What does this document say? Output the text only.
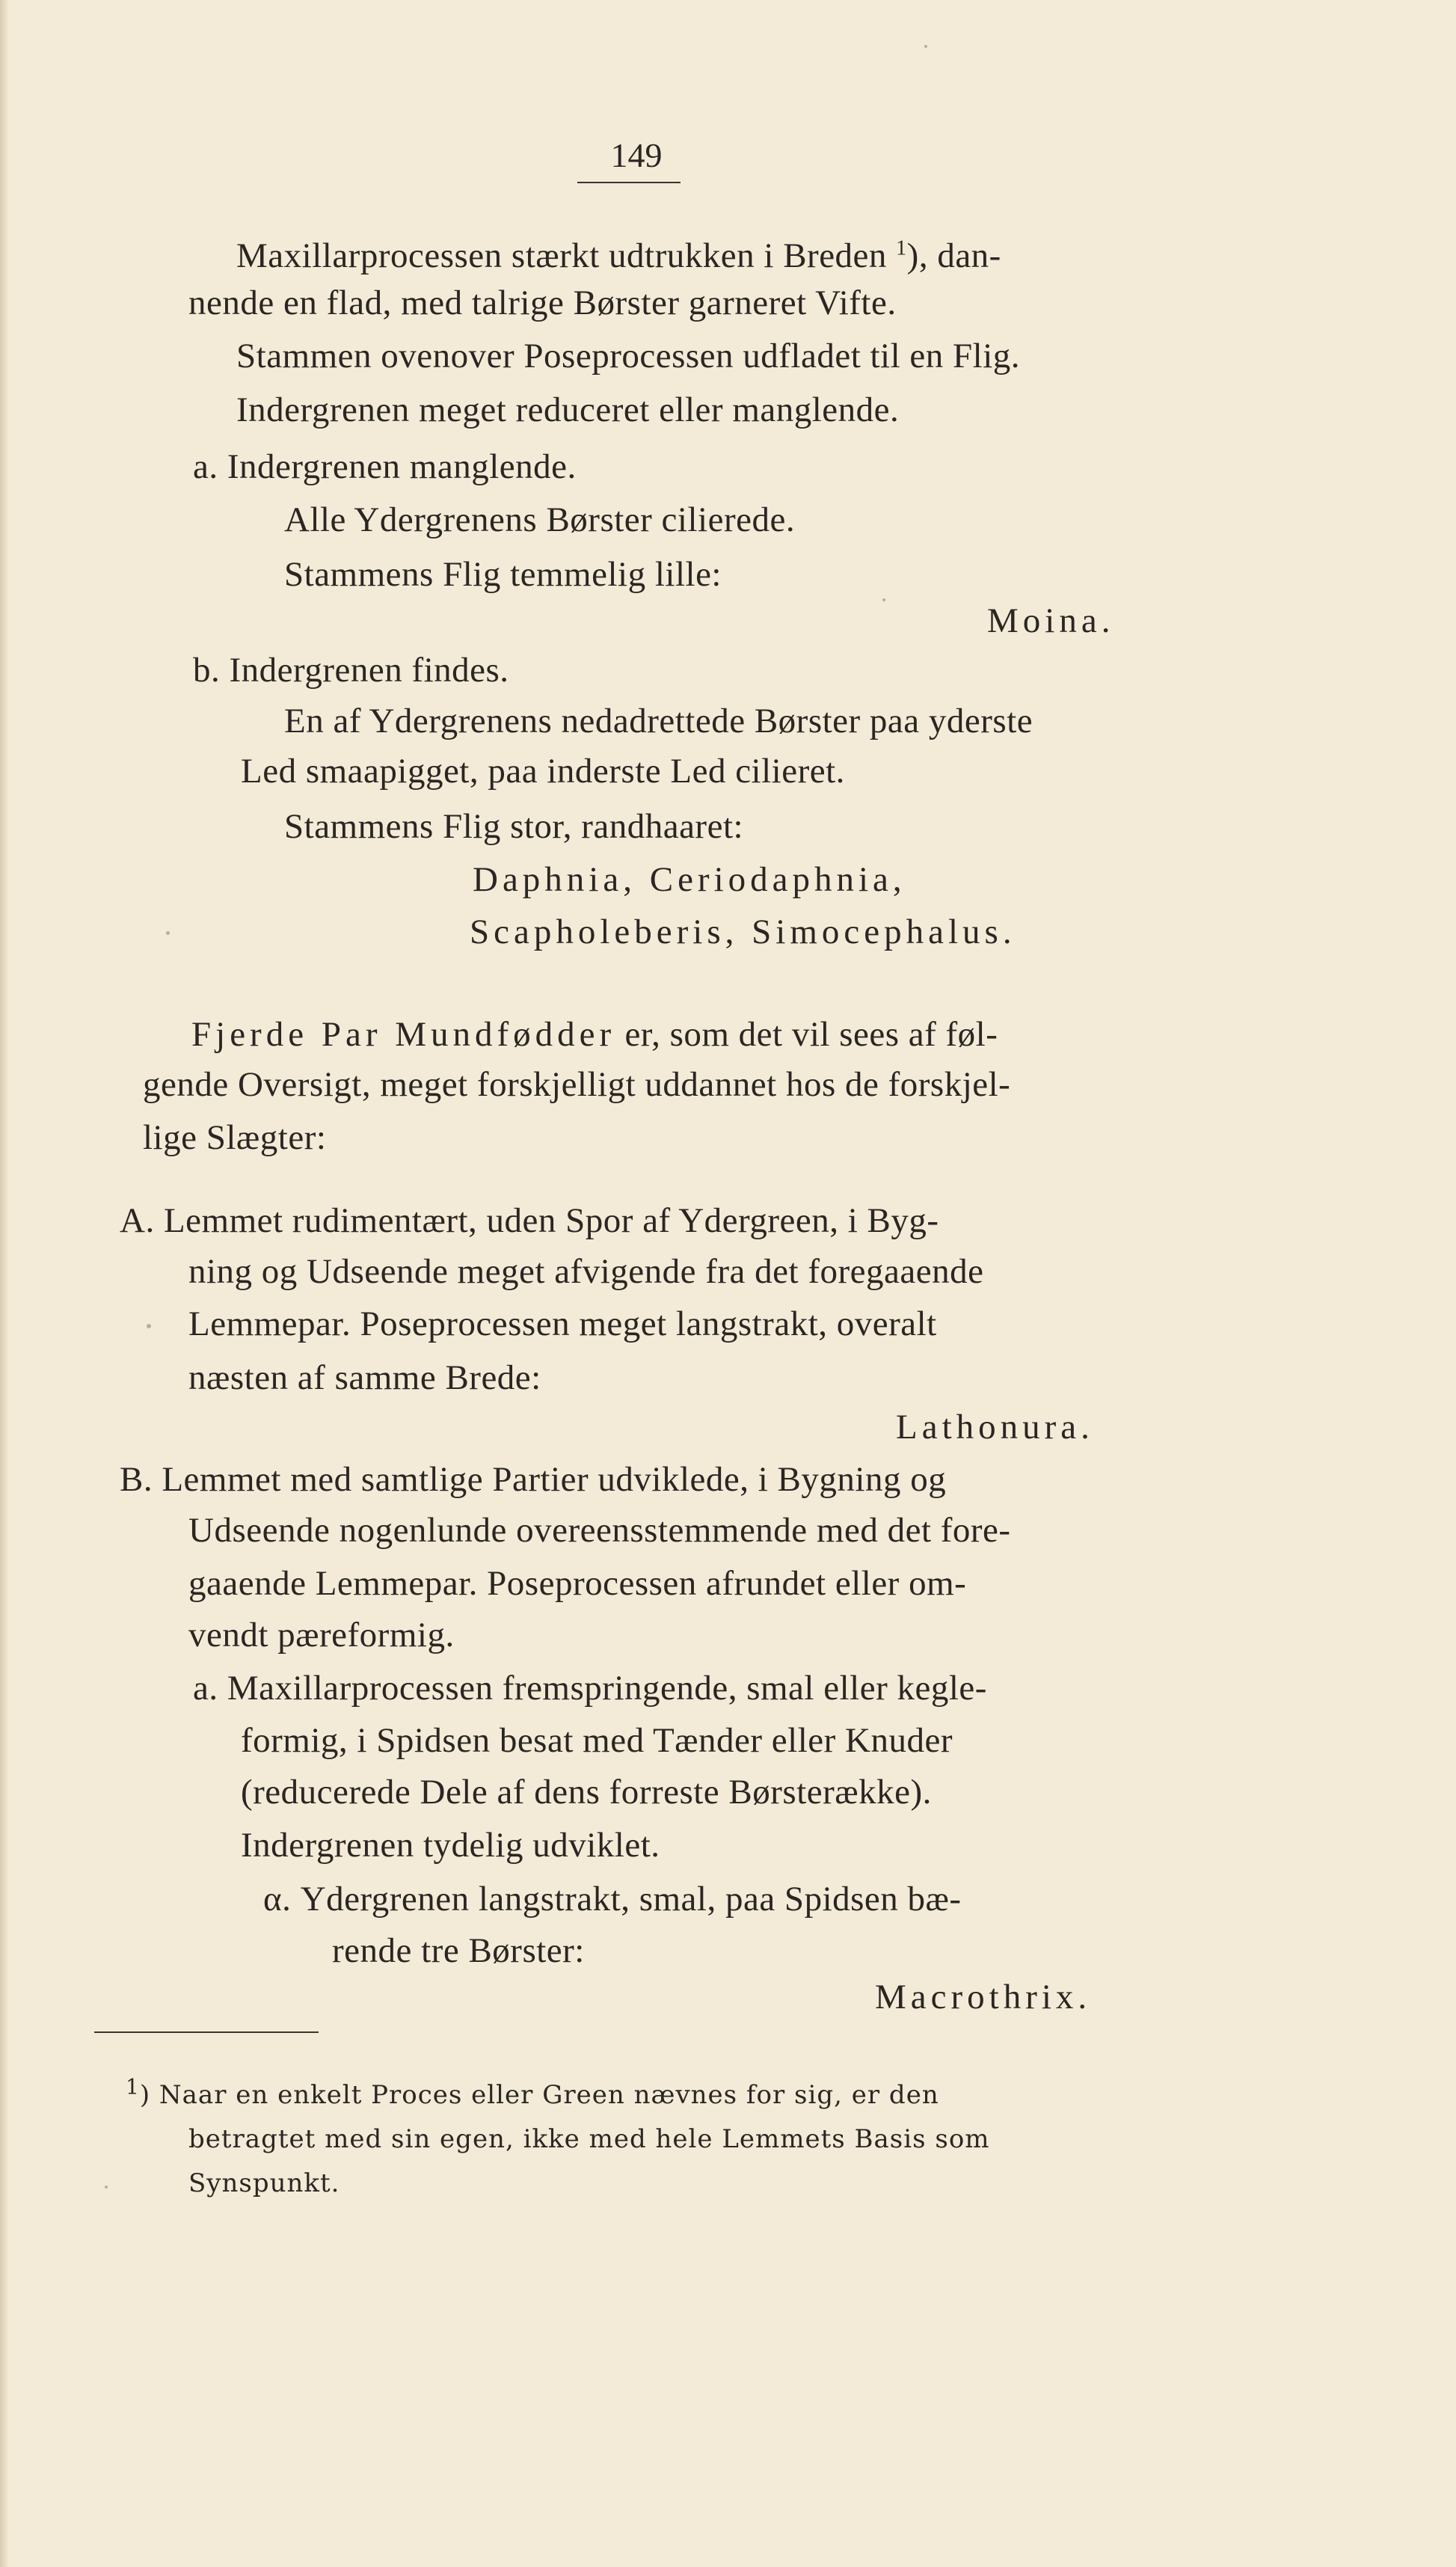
149
Maxillarprocessen stærkt udtrukken i Breden $^1$), dan-
nende en flad, med talrige Børster garneret Vifte.
Stammen ovenover Poseprocessen udfladet til en Flig.
Indergrenen meget reduceret eller manglende.
a. Indergrenen manglende.
Alle Ydergrenens Børster cilierede.
Stammens Flig temmelig lille:
Moina.
b. Indergrenen findes.
En af Ydergrenens nedadrettede Børster paa yderste
Led smaapigget, paa inderste Led cilieret.
Stammens Flig stor, randhaaret:
Daphnia, Ceriodaphnia,
Scapholeberis, Simocephalus.
Fjerde Par Mundfødder er, som det vil sees af føl-
gende Oversigt, meget forskjelligt uddannet hos de forskjel-
lige Slægter:
A. Lemmet rudimentært, uden Spor af Ydergreen, i Byg-
ning og Udseende meget afvigende fra det foregaaende
Lemmepar. Poseprocessen meget langstrakt, overalt
næsten af samme Brede:
Lathonura.
B. Lemmet med samtlige Partier udviklede, i Bygning og
Udseende nogenlunde overeensstemmende med det fore-
gaaende Lemmepar. Poseprocessen afrundet eller om-
vendt pæreformig.
a. Maxillarprocessen fremspringende, smal eller kegle-
formig, i Spidsen besat med Tænder eller Knuder
(reducerede Dele af dens forreste Børsterække).
Indergrenen tydelig udviklet.
α. Ydergrenen langstrakt, smal, paa Spidsen bæ-
rende tre Børster:
Macrothrix.
$^1$) Naar en enkelt Proces eller Green nævnes for sig, er den
betragtet med sin egen, ikke med hele Lemmets Basis som
Synspunkt.
